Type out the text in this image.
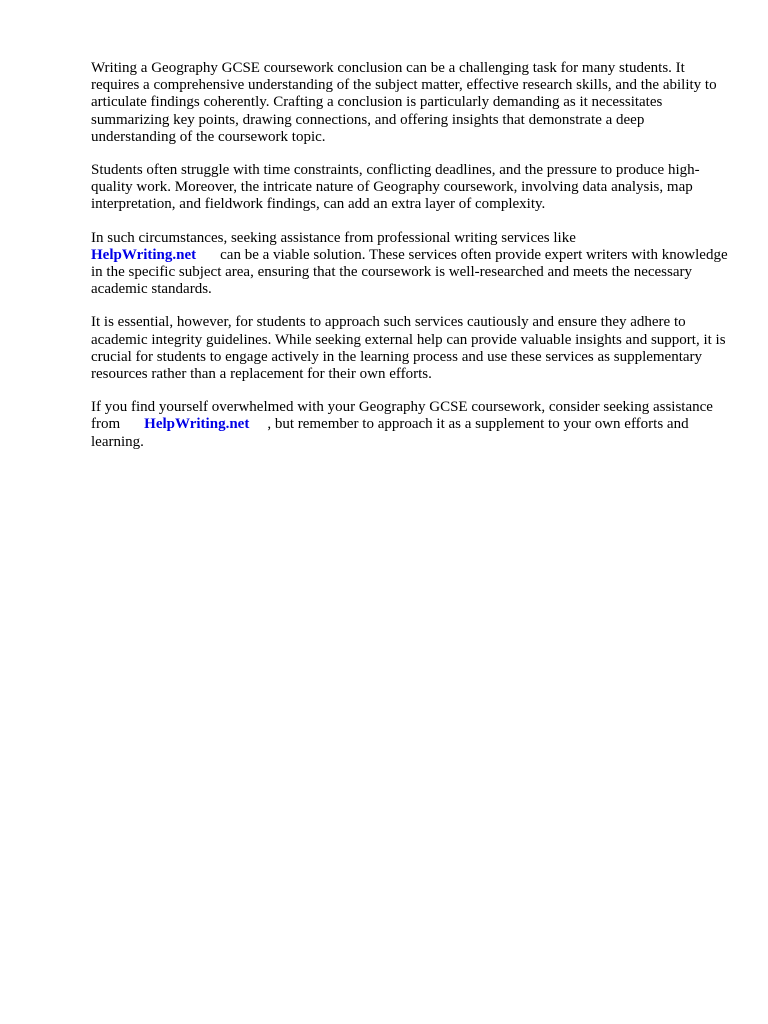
Writing a Geography GCSE coursework conclusion can be a challenging task for many students. It requires a comprehensive understanding of the subject matter, effective research skills, and the ability to articulate findings coherently. Crafting a conclusion is particularly demanding as it necessitates summarizing key points, drawing connections, and offering insights that demonstrate a deep understanding of the coursework topic.

Students often struggle with time constraints, conflicting deadlines, and the pressure to produce high-quality work. Moreover, the intricate nature of Geography coursework, involving data analysis, map interpretation, and fieldwork findings, can add an extra layer of complexity.

In such circumstances, seeking assistance from professional writing services like
HelpWriting.net can be a viable solution. These services often provide expert writers with knowledge in the specific subject area, ensuring that the coursework is well-researched and meets the necessary academic standards.

It is essential, however, for students to approach such services cautiously and ensure they adhere to academic integrity guidelines. While seeking external help can provide valuable insights and support, it is crucial for students to engage actively in the learning process and use these services as supplementary resources rather than a replacement for their own efforts.

If you find yourself overwhelmed with your Geography GCSE coursework, consider seeking assistance from HelpWriting.net , but remember to approach it as a supplement to your own efforts and learning.
